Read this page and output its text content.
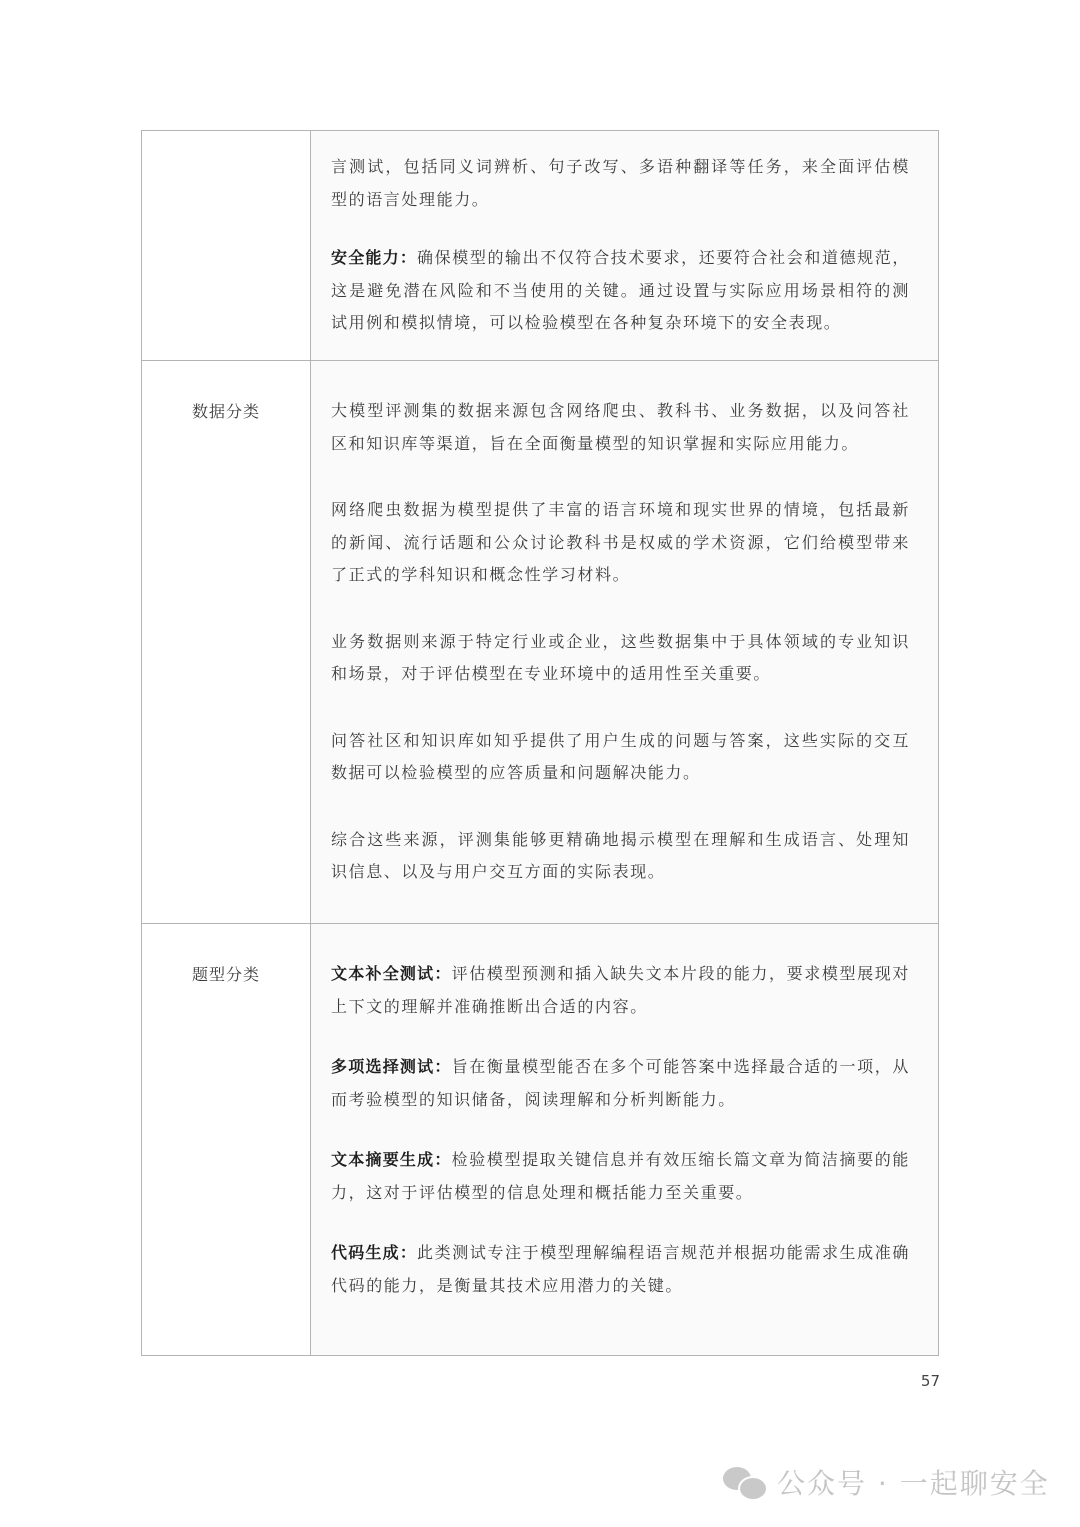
言测试，包括同义词辨析、句子改写、多语种翻译等任务，来全面评估模型的语言处理能力。

安全能力：确保模型的输出不仅符合技术要求，还要符合社会和道德规范，这是避免潜在风险和不当使用的关键。通过设置与实际应用场景相符的测试用例和模拟情境，可以检验模型在各种复杂环境下的安全表现。

数据分类	大模型评测集的数据来源包含网络爬虫、教科书、业务数据，以及问答社区和知识库等渠道，旨在全面衡量模型的知识掌握和实际应用能力。

网络爬虫数据为模型提供了丰富的语言环境和现实世界的情境，包括最新的新闻、流行话题和公众讨论教科书是权威的学术资源，它们给模型带来了正式的学科知识和概念性学习材料。

业务数据则来源于特定行业或企业，这些数据集中于具体领域的专业知识和场景，对于评估模型在专业环境中的适用性至关重要。

问答社区和知识库如知乎提供了用户生成的问题与答案，这些实际的交互数据可以检验模型的应答质量和问题解决能力。

综合这些来源，评测集能够更精确地揭示模型在理解和生成语言、处理知识信息、以及与用户交互方面的实际表现。

题型分类	文本补全测试：评估模型预测和插入缺失文本片段的能力，要求模型展现对上下文的理解并准确推断出合适的内容。

多项选择测试：旨在衡量模型能否在多个可能答案中选择最合适的一项，从而考验模型的知识储备，阅读理解和分析判断能力。

文本摘要生成：检验模型提取关键信息并有效压缩长篇文章为简洁摘要的能力，这对于评估模型的信息处理和概括能力至关重要。

代码生成：此类测试专注于模型理解编程语言规范并根据功能需求生成准确代码的能力，是衡量其技术应用潜力的关键。

57
公众号 · 一起聊安全
